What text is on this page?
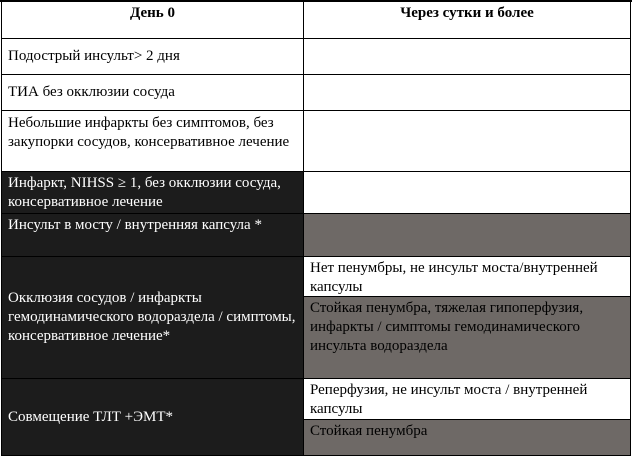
День 0	Через сутки и более
Подострый инсульт> 2 дня
ТИА без окклюзии сосуда
Небольшие инфаркты без симптомов, без закупорки сосудов, консервативное лечение
Инфаркт, NIHSS ≥ 1, без окклюзии сосуда, консервативное лечение
Инсульт в мосту / внутренняя капсула *
Окклюзия сосудов / инфаркты гемодинамического водораздела / симптомы, консервативное лечение*
Нет пенумбры, не инсульт моста/внутренней капсулы
Стойкая пенумбра, тяжелая гипоперфузия, инфаркты / симптомы гемодинамического инсульта водораздела
Совмещение ТЛТ +ЭМТ*
Реперфузия, не инсульт моста / внутренней капсулы
Стойкая пенумбра
